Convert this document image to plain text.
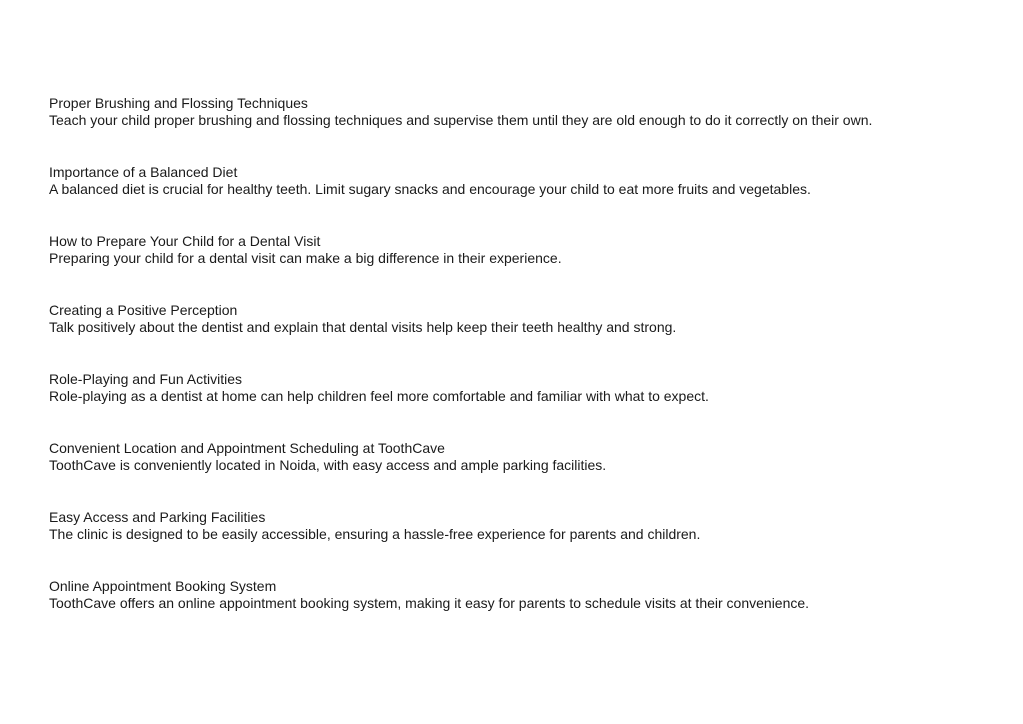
Proper Brushing and Flossing Techniques
Teach your child proper brushing and flossing techniques and supervise them until they are old enough to do it correctly on their own.
Importance of a Balanced Diet
A balanced diet is crucial for healthy teeth. Limit sugary snacks and encourage your child to eat more fruits and vegetables.
How to Prepare Your Child for a Dental Visit
Preparing your child for a dental visit can make a big difference in their experience.
Creating a Positive Perception
Talk positively about the dentist and explain that dental visits help keep their teeth healthy and strong.
Role-Playing and Fun Activities
Role-playing as a dentist at home can help children feel more comfortable and familiar with what to expect.
Convenient Location and Appointment Scheduling at ToothCave
ToothCave is conveniently located in Noida, with easy access and ample parking facilities.
Easy Access and Parking Facilities
The clinic is designed to be easily accessible, ensuring a hassle-free experience for parents and children.
Online Appointment Booking System
ToothCave offers an online appointment booking system, making it easy for parents to schedule visits at their convenience.
